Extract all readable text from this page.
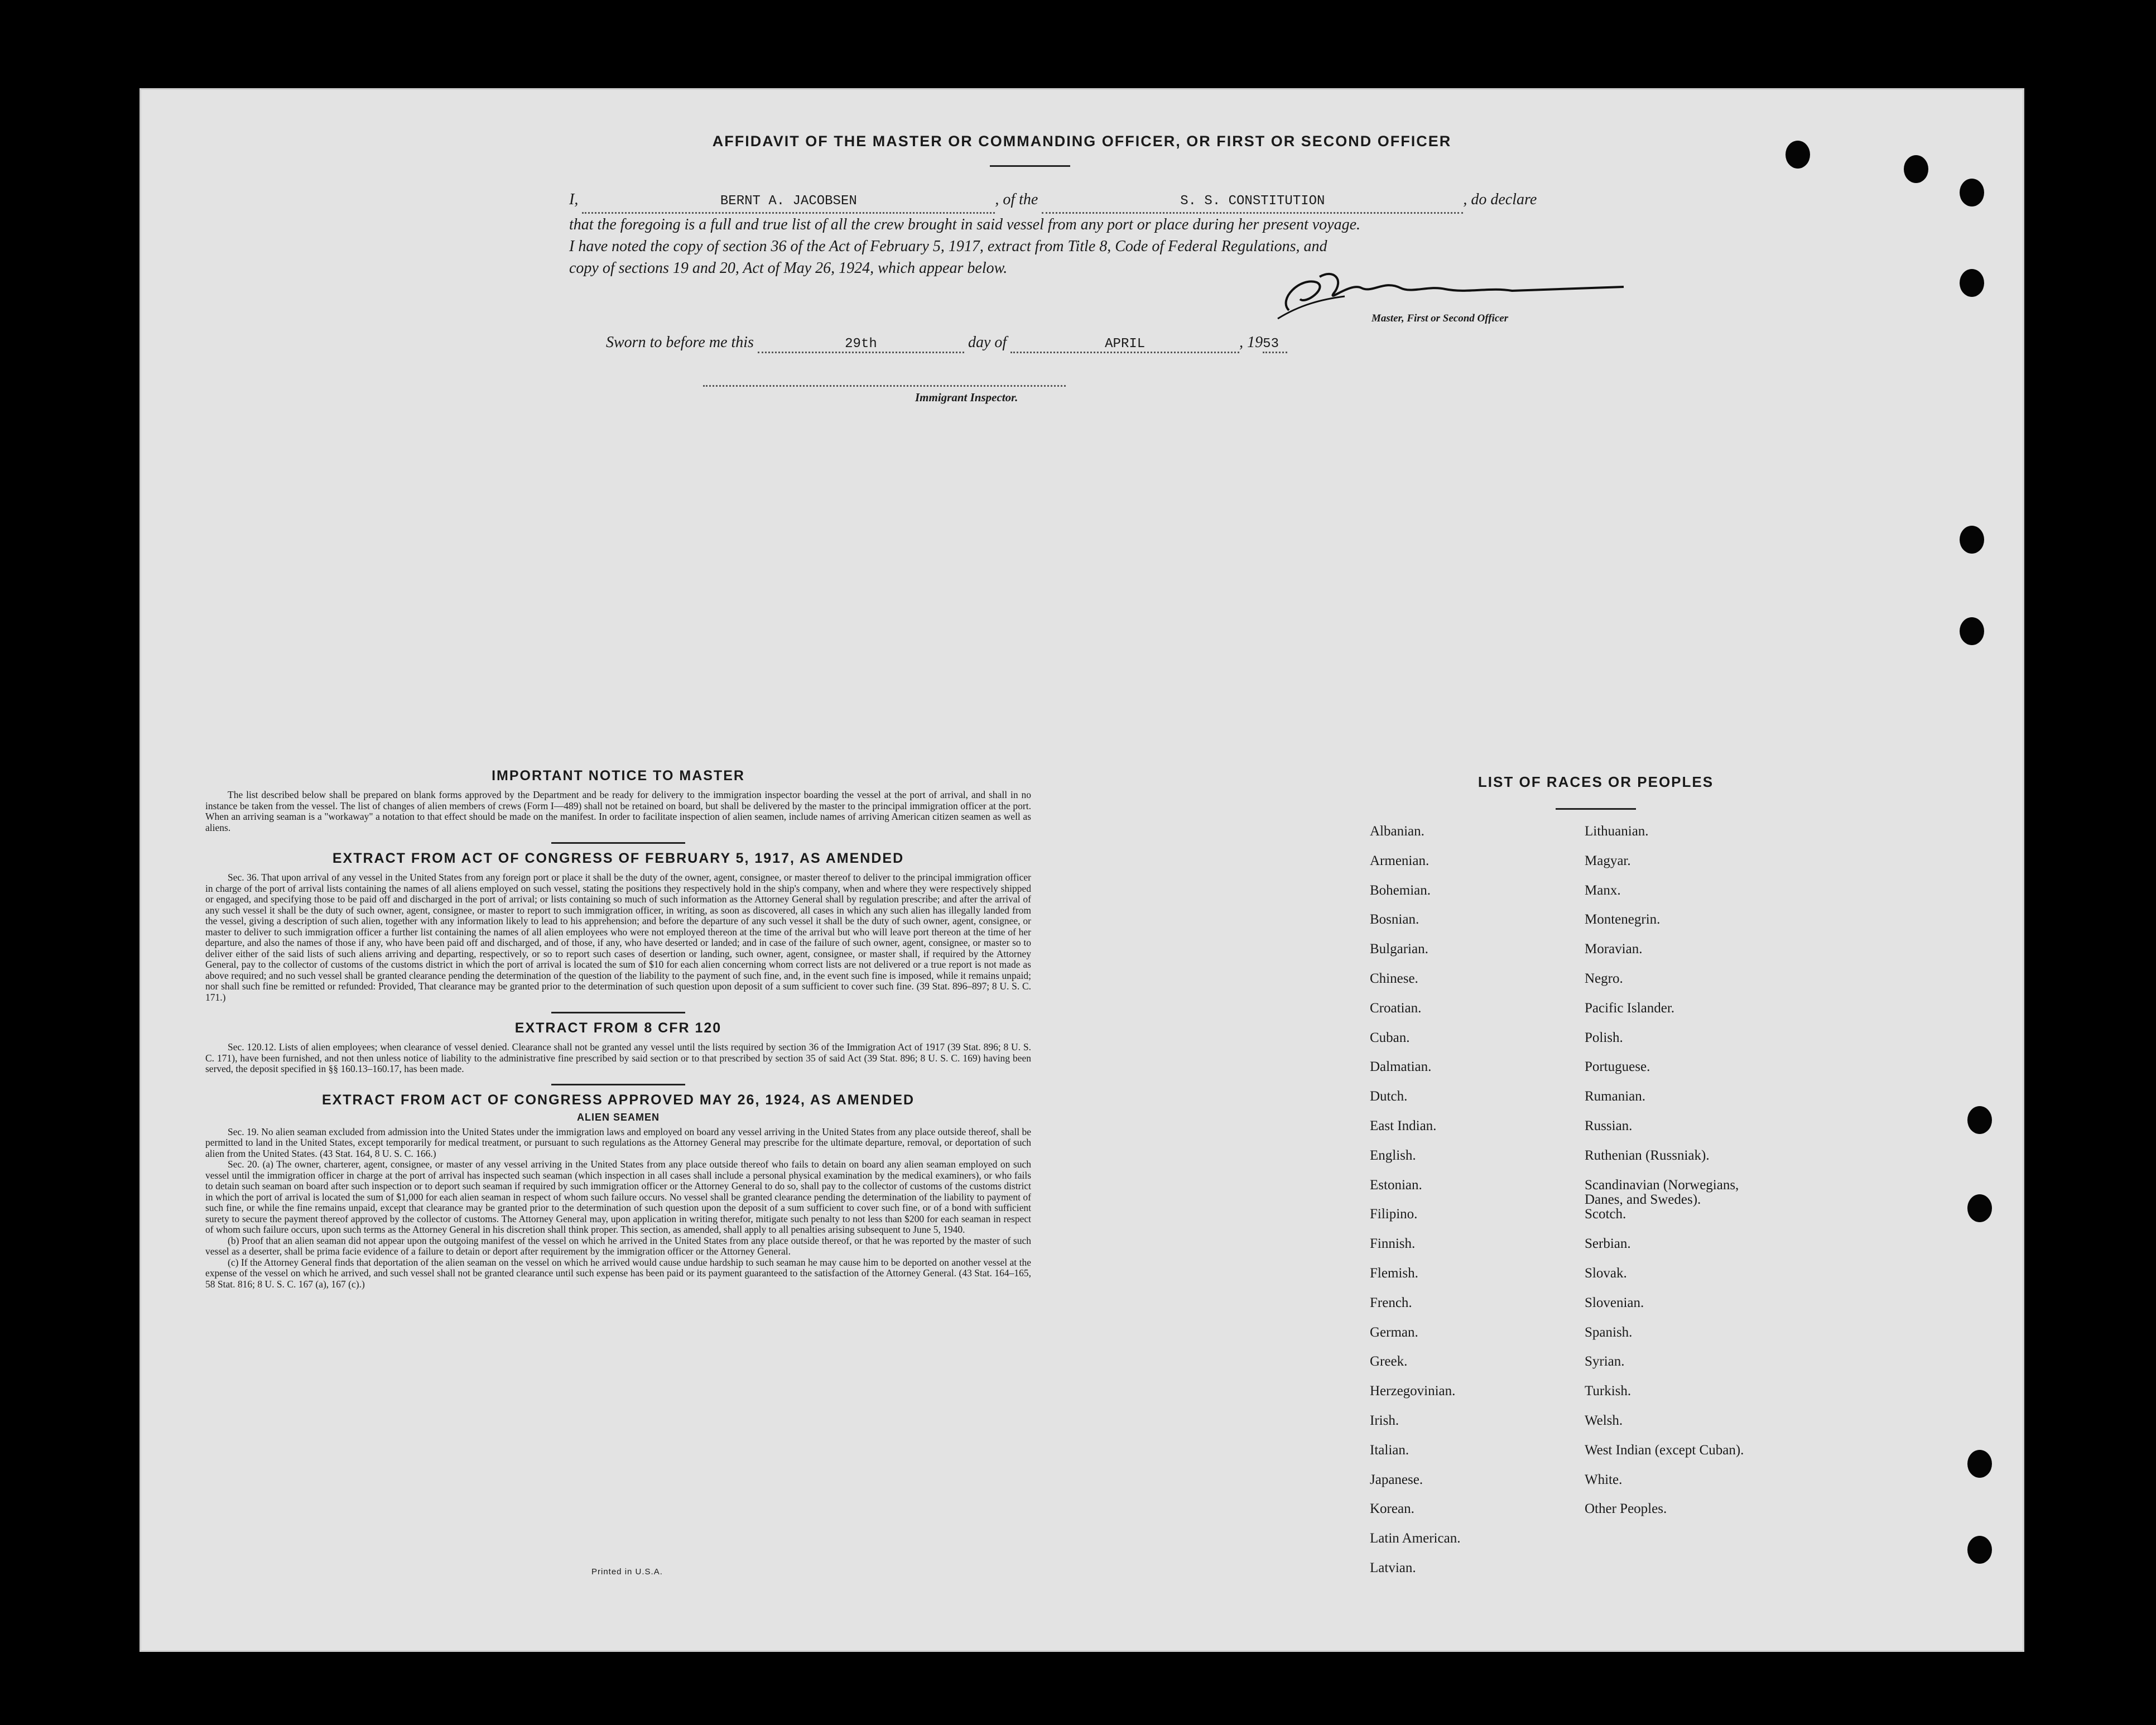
AFFIDAVIT OF THE MASTER OR COMMANDING OFFICER, OR FIRST OR SECOND OFFICER
I,	BERNT A. JACOBSEN	, of the	S. S. CONSTITUTION	, do declare
that the foregoing is a full and true list of all the crew brought in said vessel from any port or place during her present voyage.
I have noted the copy of section 36 of the Act of February 5, 1917, extract from Title 8, Code of Federal Regulations, and
copy of sections 19 and 20, Act of May 26, 1924, which appear below.
Master, First or Second Officer
Sworn to before me this	29th	day of	APRIL	, 1953
Immigrant Inspector.
IMPORTANT NOTICE TO MASTER
The list described below shall be prepared on blank forms approved by the Department and be ready for delivery to the immigration inspector boarding the vessel at the port of arrival, and shall in no instance be taken from the vessel. The list of changes of alien members of crews (Form I—489) shall not be retained on board, but shall be delivered by the master to the principal immigration officer at the port. When an arriving seaman is a "workaway" a notation to that effect should be made on the manifest. In order to facilitate inspection of alien seamen, include names of arriving American citizen seamen as well as aliens.
EXTRACT FROM ACT OF CONGRESS OF FEBRUARY 5, 1917, AS AMENDED
Sec. 36. That upon arrival of any vessel in the United States from any foreign port or place it shall be the duty of the owner, agent, consignee, or master thereof to deliver to the principal immigration officer in charge of the port of arrival lists containing the names of all aliens employed on such vessel, stating the positions they respectively hold in the ship's company, when and where they were respectively shipped or engaged, and specifying those to be paid off and discharged in the port of arrival; or lists containing so much of such information as the Attorney General shall by regulation prescribe; and after the arrival of any such vessel it shall be the duty of such owner, agent, consignee, or master to report to such immigration officer, in writing, as soon as discovered, all cases in which any such alien has illegally landed from the vessel, giving a description of such alien, together with any information likely to lead to his apprehension; and before the departure of any such vessel it shall be the duty of such owner, agent, consignee, or master to deliver to such immigration officer a further list containing the names of all alien employees who were not employed thereon at the time of the arrival but who will leave port thereon at the time of her departure, and also the names of those if any, who have been paid off and discharged, and of those, if any, who have deserted or landed; and in case of the failure of such owner, agent, consignee, or master so to deliver either of the said lists of such aliens arriving and departing, respectively, or so to report such cases of desertion or landing, such owner, agent, consignee, or master shall, if required by the Attorney General, pay to the collector of customs of the customs district in which the port of arrival is located the sum of $10 for each alien concerning whom correct lists are not delivered or a true report is not made as above required; and no such vessel shall be granted clearance pending the determination of the question of the liability to the payment of such fine, and, in the event such fine is imposed, while it remains unpaid; nor shall such fine be remitted or refunded: Provided, That clearance may be granted prior to the determination of such question upon deposit of a sum sufficient to cover such fine. (39 Stat. 896–897; 8 U. S. C. 171.)
EXTRACT FROM 8 CFR 120
Sec. 120.12. Lists of alien employees; when clearance of vessel denied. Clearance shall not be granted any vessel until the lists required by section 36 of the Immigration Act of 1917 (39 Stat. 896; 8 U. S. C. 171), have been furnished, and not then unless notice of liability to the administrative fine prescribed by said section or to that prescribed by section 35 of said Act (39 Stat. 896; 8 U. S. C. 169) having been served, the deposit specified in §§ 160.13–160.17, has been made.
EXTRACT FROM ACT OF CONGRESS APPROVED MAY 26, 1924, AS AMENDED
ALIEN SEAMEN
Sec. 19. No alien seaman excluded from admission into the United States under the immigration laws and employed on board any vessel arriving in the United States from any place outside thereof, shall be permitted to land in the United States, except temporarily for medical treatment, or pursuant to such regulations as the Attorney General may prescribe for the ultimate departure, removal, or deportation of such alien from the United States. (43 Stat. 164, 8 U. S. C. 166.)
Sec. 20. (a) The owner, charterer, agent, consignee, or master of any vessel arriving in the United States from any place outside thereof who fails to detain on board any alien seaman employed on such vessel until the immigration officer in charge at the port of arrival has inspected such seaman (which inspection in all cases shall include a personal physical examination by the medical examiners), or who fails to detain such seaman on board after such inspection or to deport such seaman if required by such immigration officer or the Attorney General to do so, shall pay to the collector of customs of the customs district in which the port of arrival is located the sum of $1,000 for each alien seaman in respect of whom such failure occurs. No vessel shall be granted clearance pending the determination of the liability to payment of such fine, or while the fine remains unpaid, except that clearance may be granted prior to the determination of such question upon the deposit of a sum sufficient to cover such fine, or of a bond with sufficient surety to secure the payment thereof approved by the collector of customs. The Attorney General may, upon application in writing therefor, mitigate such penalty to not less than $200 for each seaman in respect of whom such failure occurs, upon such terms as the Attorney General in his discretion shall think proper. This section, as amended, shall apply to all penalties arising subsequent to June 5, 1940.
(b) Proof that an alien seaman did not appear upon the outgoing manifest of the vessel on which he arrived in the United States from any place outside thereof, or that he was reported by the master of such vessel as a deserter, shall be prima facie evidence of a failure to detain or deport after requirement by the immigration officer or the Attorney General.
(c) If the Attorney General finds that deportation of the alien seaman on the vessel on which he arrived would cause undue hardship to such seaman he may cause him to be deported on another vessel at the expense of the vessel on which he arrived, and such vessel shall not be granted clearance until such expense has been paid or its payment guaranteed to the satisfaction of the Attorney General. (43 Stat. 164–165, 58 Stat. 816; 8 U. S. C. 167 (a), 167 (c).)
Printed in U.S.A.
LIST OF RACES OR PEOPLES
Albanian.
Armenian.
Bohemian.
Bosnian.
Bulgarian.
Chinese.
Croatian.
Cuban.
Dalmatian.
Dutch.
East Indian.
English.
Estonian.
Filipino.
Finnish.
Flemish.
French.
German.
Greek.
Herzegovinian.
Irish.
Italian.
Japanese.
Korean.
Latin American.
Latvian.
Lithuanian.
Magyar.
Manx.
Montenegrin.
Moravian.
Negro.
Pacific Islander.
Polish.
Portuguese.
Rumanian.
Russian.
Ruthenian (Russniak).
Scandinavian (Norwegians,
Danes, and Swedes).
Scotch.
Serbian.
Slovak.
Slovenian.
Spanish.
Syrian.
Turkish.
Welsh.
West Indian (except Cuban).
White.
Other Peoples.
